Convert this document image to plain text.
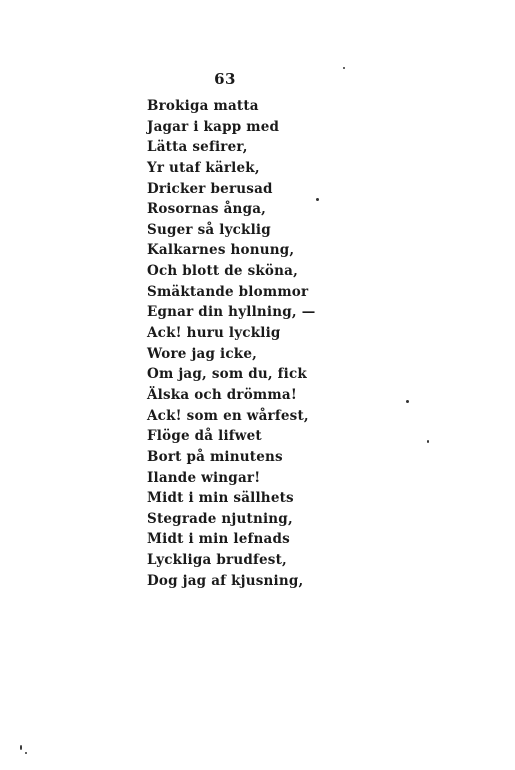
63
Brokiga matta
Jagar i kapp med
Lätta sefirer,
Yr utaf kärlek,
Dricker berusad
Rosornas ånga,
Suger så lycklig
Kalkarnes honung,
Och blott de sköna,
Smäktande blommor
Egnar din hyllning, —
Ack! huru lycklig
Wore jag icke,
Om jag, som du, fick
Älska och drömma!
Ack! som en wårfest,
Flöge då lifwet
Bort på minutens
Ilande wingar!
Midt i min sällhets
Stegrade njutning,
Midt i min lefnads
Lyckliga brudfest,
Dog jag af kjusning,
